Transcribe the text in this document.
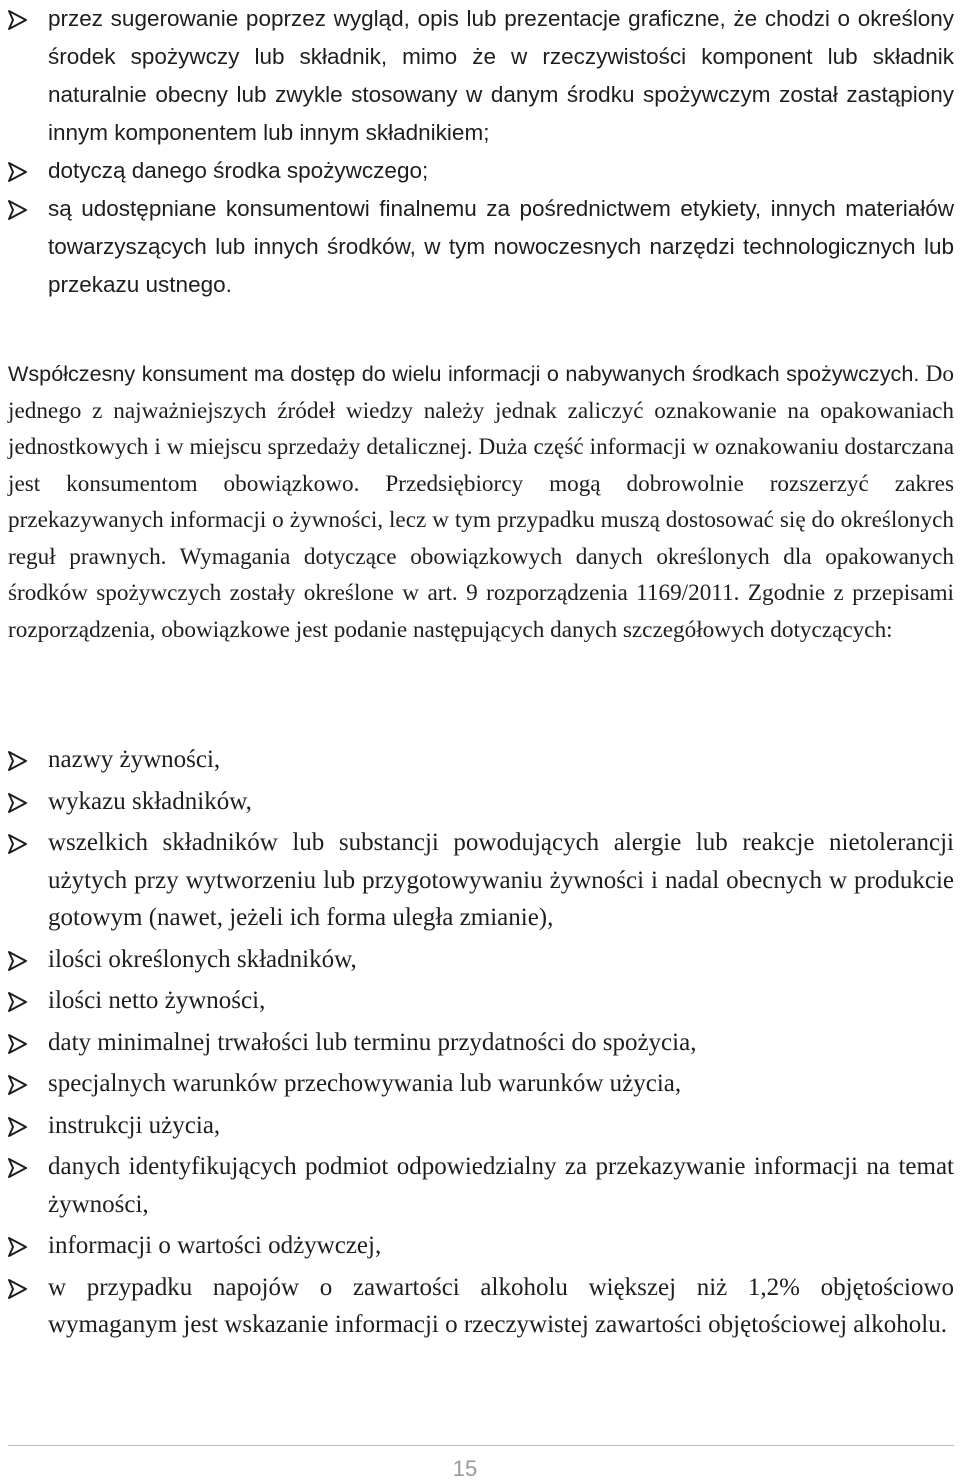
przez sugerowanie poprzez wygląd, opis lub prezentacje graficzne, że chodzi o określony środek spożywczy lub składnik, mimo że w rzeczywistości komponent lub składnik naturalnie obecny lub zwykle stosowany w danym środku spożywczym został zastąpiony innym komponentem lub innym składnikiem;
dotyczą danego środka spożywczego;
są udostępniane konsumentowi finalnemu za pośrednictwem etykiety, innych materiałów towarzyszących lub innych środków, w tym nowoczesnych narzędzi technologicznych lub przekazu ustnego.

Współczesny konsument ma dostęp do wielu informacji o nabywanych środkach spożywczych. Do jednego z najważniejszych źródeł wiedzy należy jednak zaliczyć oznakowanie na opakowaniach jednostkowych i w miejscu sprzedaży detalicznej. Duża część informacji w oznakowaniu dostarczana jest konsumentom obowiązkowo. Przedsiębiorcy mogą dobrowolnie rozszerzyć zakres przekazywanych informacji o żywności, lecz w tym przypadku muszą dostosować się do określonych reguł prawnych. Wymagania dotyczące obowiązkowych danych określonych dla opakowanych środków spożywczych zostały określone w art. 9 rozporządzenia 1169/2011. Zgodnie z przepisami rozporządzenia, obowiązkowe jest podanie następujących danych szczegółowych dotyczących:

nazwy żywności,
wykazu składników,
wszelkich składników lub substancji powodujących alergie lub reakcje nietolerancji użytych przy wytworzeniu lub przygotowywaniu żywności i nadal obecnych w produkcie gotowym (nawet, jeżeli ich forma uległa zmianie),
ilości określonych składników,
ilości netto żywności,
daty minimalnej trwałości lub terminu przydatności do spożycia,
specjalnych warunków przechowywania lub warunków użycia,
instrukcji użycia,
danych identyfikujących podmiot odpowiedzialny za przekazywanie informacji na temat żywności,
informacji o wartości odżywczej,
w przypadku napojów o zawartości alkoholu większej niż 1,2% objętościowo wymaganym jest wskazanie informacji o rzeczywistej zawartości objętościowej alkoholu.
15
